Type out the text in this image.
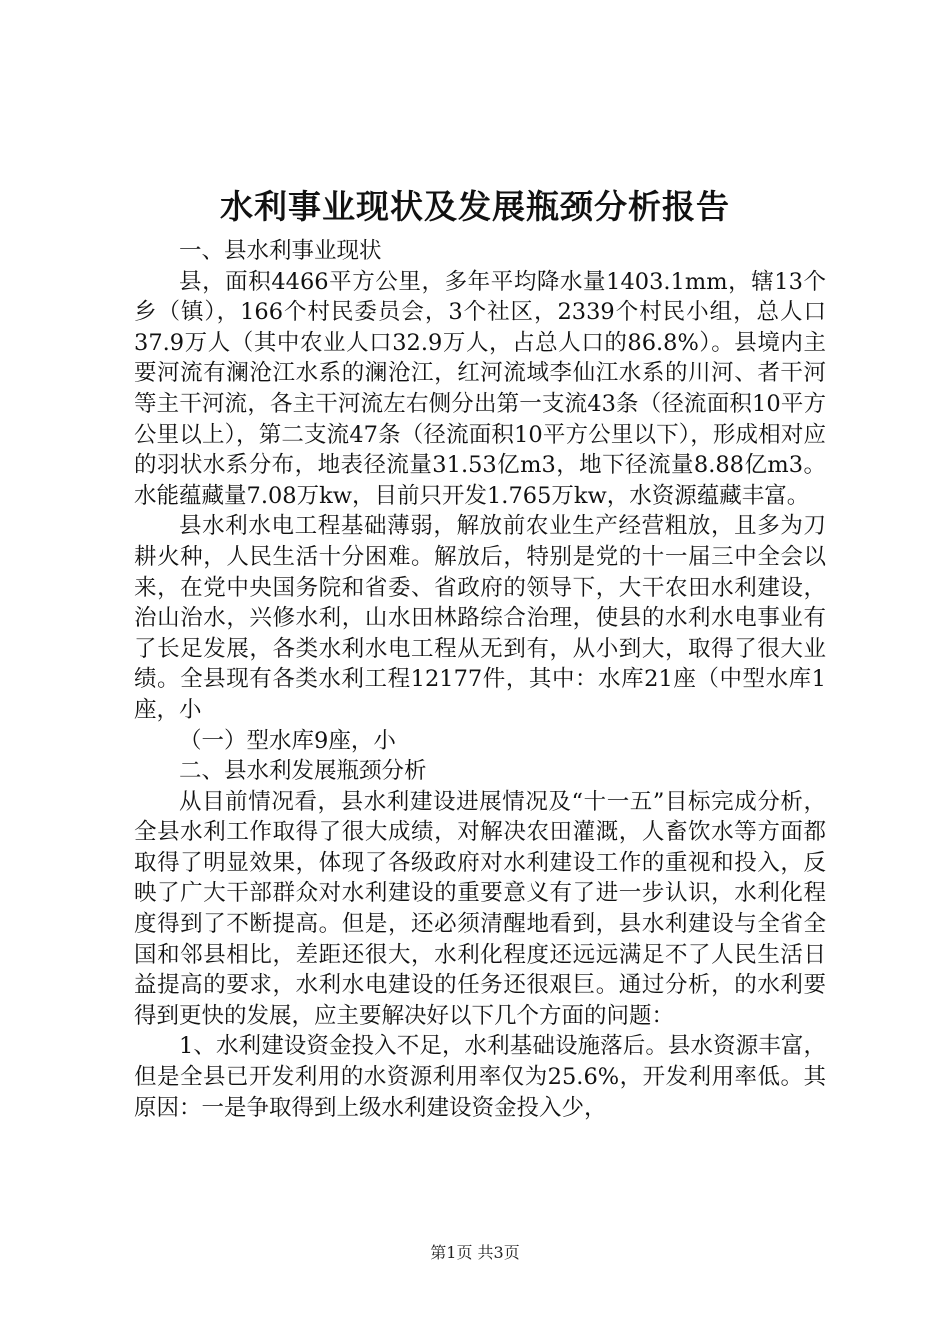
水利事业现状及发展瓶颈分析报告

一、县水利事业现状

县，面积4466平方公里，多年平均降水量1403.1mm，辖13个乡（镇），166个村民委员会，3个社区，2339个村民小组，总人口37.9万人（其中农业人口32.9万人，占总人口的86.8%）。县境内主要河流有澜沧江水系的澜沧江，红河流域李仙江水系的川河、者干河等主干河流，各主干河流左右侧分出第一支流43条（径流面积10平方公里以上），第二支流47条（径流面积10平方公里以下），形成相对应的羽状水系分布，地表径流量31.53亿m3，地下径流量8.88亿m3。水能蕴藏量7.08万kw，目前只开发1.765万kw，水资源蕴藏丰富。

县水利水电工程基础薄弱，解放前农业生产经营粗放，且多为刀耕火种，人民生活十分困难。解放后，特别是党的十一届三中全会以来，在党中央国务院和省委、省政府的领导下，大干农田水利建设，治山治水，兴修水利，山水田林路综合治理，使县的水利水电事业有了长足发展，各类水利水电工程从无到有，从小到大，取得了很大业绩。全县现有各类水利工程12177件，其中：水库21座（中型水库1座，小

（一）型水库9座，小

二、县水利发展瓶颈分析

从目前情况看，县水利建设进展情况及“十一五”目标完成分析，全县水利工作取得了很大成绩，对解决农田灌溉，人畜饮水等方面都取得了明显效果，体现了各级政府对水利建设工作的重视和投入，反映了广大干部群众对水利建设的重要意义有了进一步认识，水利化程度得到了不断提高。但是，还必须清醒地看到，县水利建设与全省全国和邻县相比，差距还很大，水利化程度还远远满足不了人民生活日益提高的要求，水利水电建设的任务还很艰巨。通过分析，的水利要得到更快的发展，应主要解决好以下几个方面的问题：

1、水利建设资金投入不足，水利基础设施落后。县水资源丰富，但是全县已开发利用的水资源利用率仅为25.6%，开发利用率低。其原因：一是争取得到上级水利建设资金投入少，

第1页 共3页
